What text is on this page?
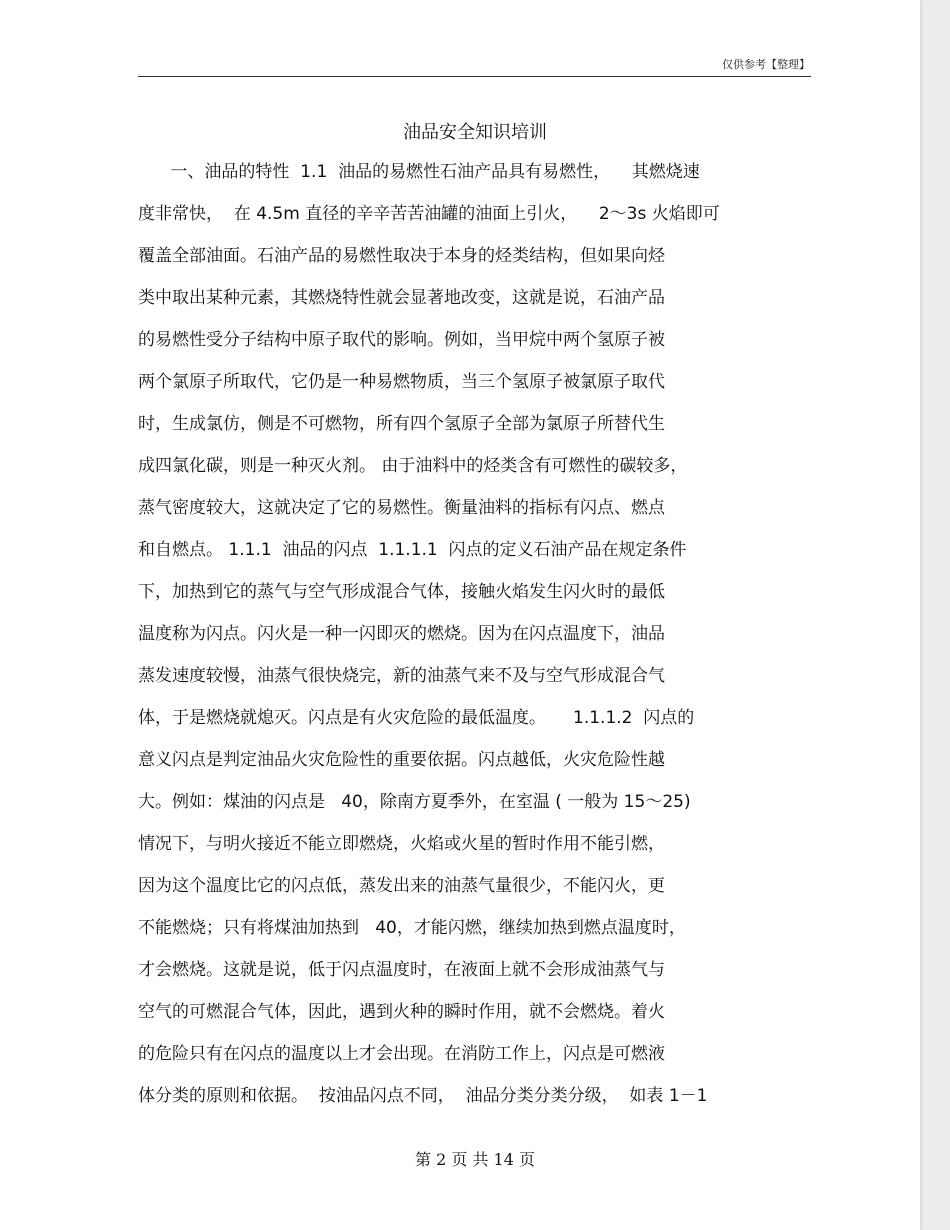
仅供参考【整理】
油品安全知识培训
一、油品的特性  1.1  油品的易燃性石油产品具有易燃性，    其燃烧速
度非常快，  在 4.5m 直径的辛辛苦苦油罐的油面上引火，    2～3s 火焰即可
覆盖全部油面。石油产品的易燃性取决于本身的烃类结构，但如果向烃
类中取出某种元素，其燃烧特性就会显著地改变，这就是说，石油产品
的易燃性受分子结构中原子取代的影响。例如，当甲烷中两个氢原子被
两个氯原子所取代，它仍是一种易燃物质，当三个氢原子被氯原子取代
时，生成氯仿，侧是不可燃物，所有四个氢原子全部为氯原子所替代生
成四氯化碳，则是一种灭火剂。 由于油料中的烃类含有可燃性的碳较多，
蒸气密度较大，这就决定了它的易燃性。衡量油料的指标有闪点、燃点
和自燃点。 1.1.1  油品的闪点  1.1.1.1  闪点的定义石油产品在规定条件
下，加热到它的蒸气与空气形成混合气体，接触火焰发生闪火时的最低
温度称为闪点。闪火是一种一闪即灭的燃烧。因为在闪点温度下，油品
蒸发速度较慢，油蒸气很快烧完，新的油蒸气来不及与空气形成混合气
体，于是燃烧就熄灭。闪点是有火灾危险的最低温度。     1.1.1.2  闪点的
意义闪点是判定油品火灾危险性的重要依据。闪点越低，火灾危险性越
大。例如：煤油的闪点是   40，除南方夏季外，在室温 ( 一般为 15～25)
情况下，与明火接近不能立即燃烧，火焰或火星的暂时作用不能引燃，
因为这个温度比它的闪点低，蒸发出来的油蒸气量很少，不能闪火，更
不能燃烧；只有将煤油加热到   40，才能闪燃，继续加热到燃点温度时，
才会燃烧。这就是说，低于闪点温度时，在液面上就不会形成油蒸气与
空气的可燃混合气体，因此，遇到火种的瞬时作用，就不会燃烧。着火
的危险只有在闪点的温度以上才会出现。在消防工作上，闪点是可燃液
体分类的原则和依据。  按油品闪点不同，  油品分类分类分级，  如表 1－1
第 2 页 共 14 页
